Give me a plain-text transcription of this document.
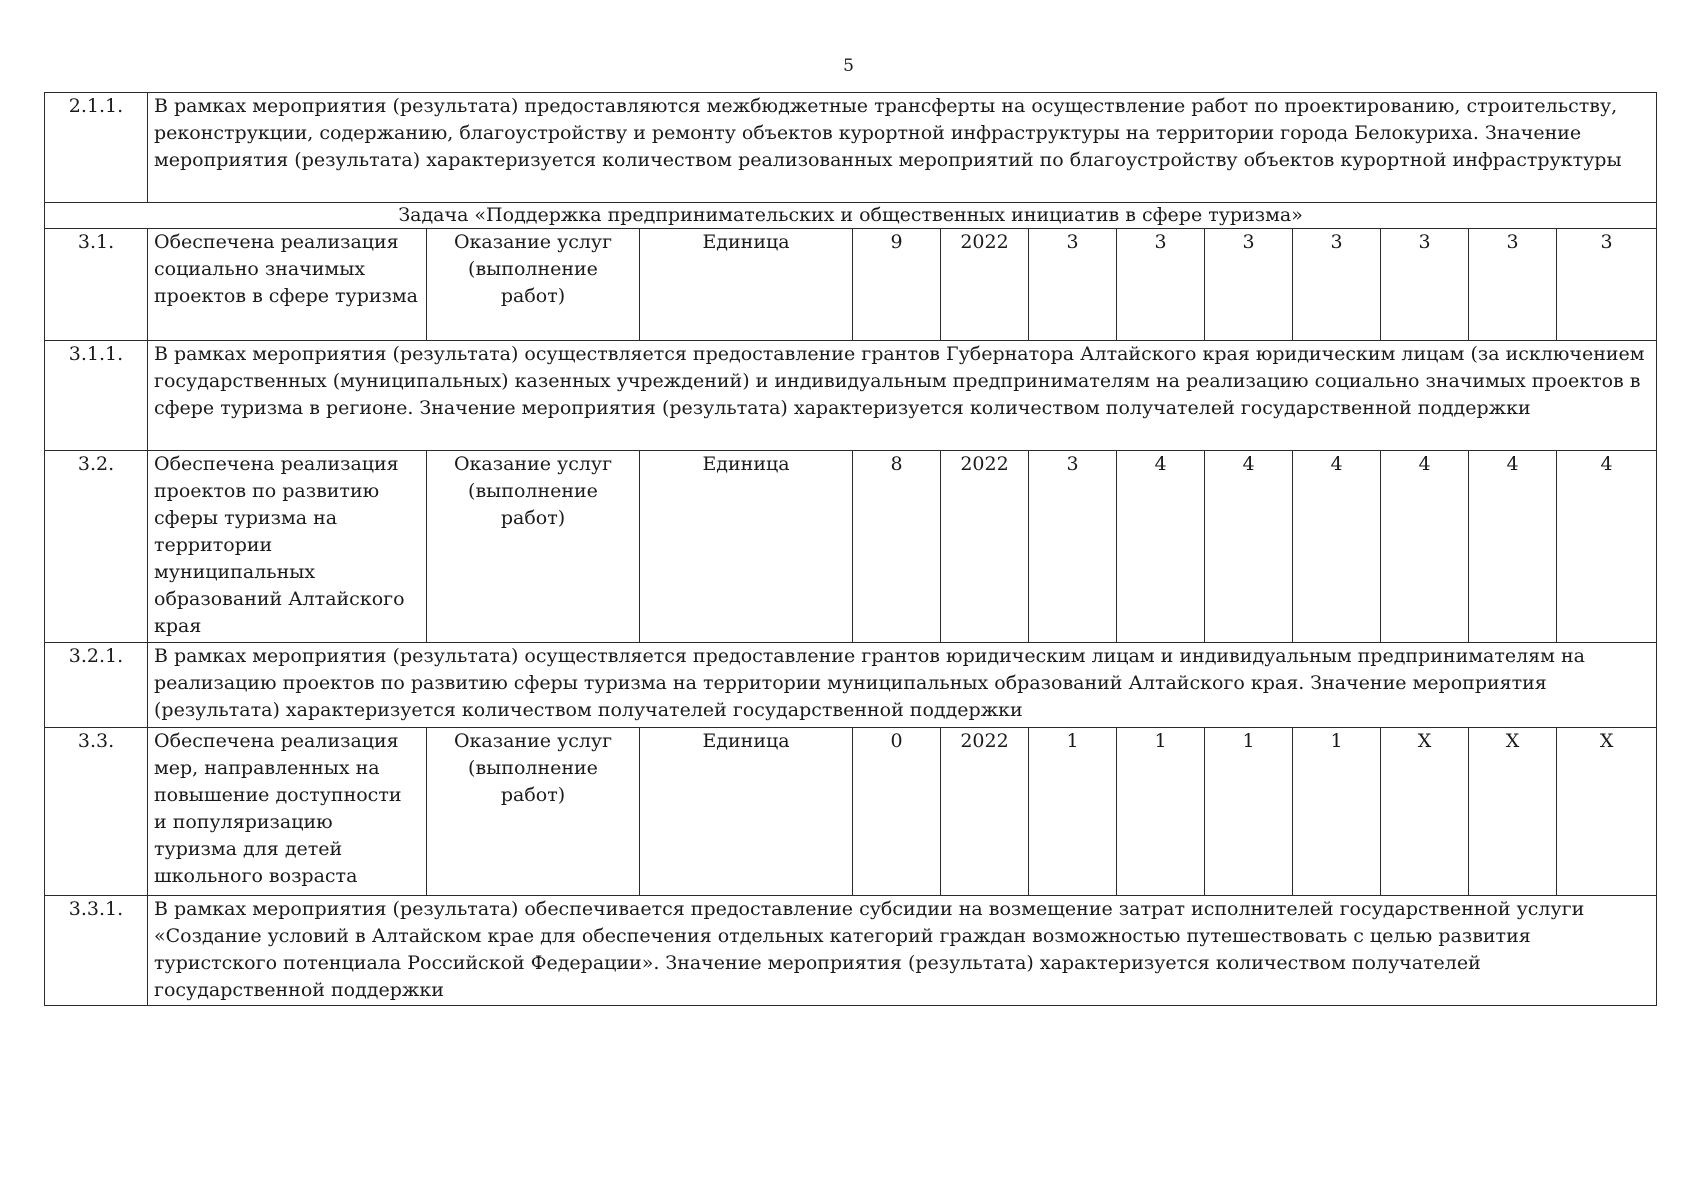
5
2.1.1.	В рамках мероприятия (результата) предоставляются межбюджетные трансферты на осуществление работ по проектированию, строительству, реконструкции, содержанию, благоустройству и ремонту объектов курортной инфраструктуры на территории города Белокуриха. Значение мероприятия (результата) характеризуется количеством реализованных мероприятий по благоустройству объектов курортной инфраструктуры											
Задача «Поддержка предпринимательских и общественных инициатив в сфере туризма»												
3.1.	Обеспечена реализация социально значимых проектов в сфере туризма	Оказание услуг (выполнение работ)	Единица	9	2022	3	3	3	3	3	3	3
3.1.1.	В рамках мероприятия (результата) осуществляется предоставление грантов Губернатора Алтайского края юридическим лицам (за исключением государственных (муниципальных) казенных учреждений) и индивидуальным предпринимателям на реализацию социально значимых проектов в сфере туризма в регионе. Значение мероприятия (результата) характеризуется количеством получателей государственной поддержки											
3.2.	Обеспечена реализация проектов по развитию сферы туризма на территории муниципальных образований Алтайского края	Оказание услуг (выполнение работ)	Единица	8	2022	3	4	4	4	4	4	4
3.2.1.	В рамках мероприятия (результата) осуществляется предоставление грантов юридическим лицам и индивидуальным предпринимателям на реализацию проектов по развитию сферы туризма на территории муниципальных образований Алтайского края. Значение мероприятия (результата) характеризуется количеством получателей государственной поддержки											
3.3.	Обеспечена реализация мер, направленных на повышение доступности и популяризацию туризма для детей школьного возраста	Оказание услуг (выполнение работ)	Единица	0	2022	1	1	1	1	X	X	X
3.3.1.	В рамках мероприятия (результата) обеспечивается предоставление субсидии на возмещение затрат исполнителей государственной услуги «Создание условий в Алтайском крае для обеспечения отдельных категорий граждан возможностью путешествовать с целью развития туристского потенциала Российской Федерации». Значение мероприятия (результата) характеризуется количеством получателей государственной поддержки											
